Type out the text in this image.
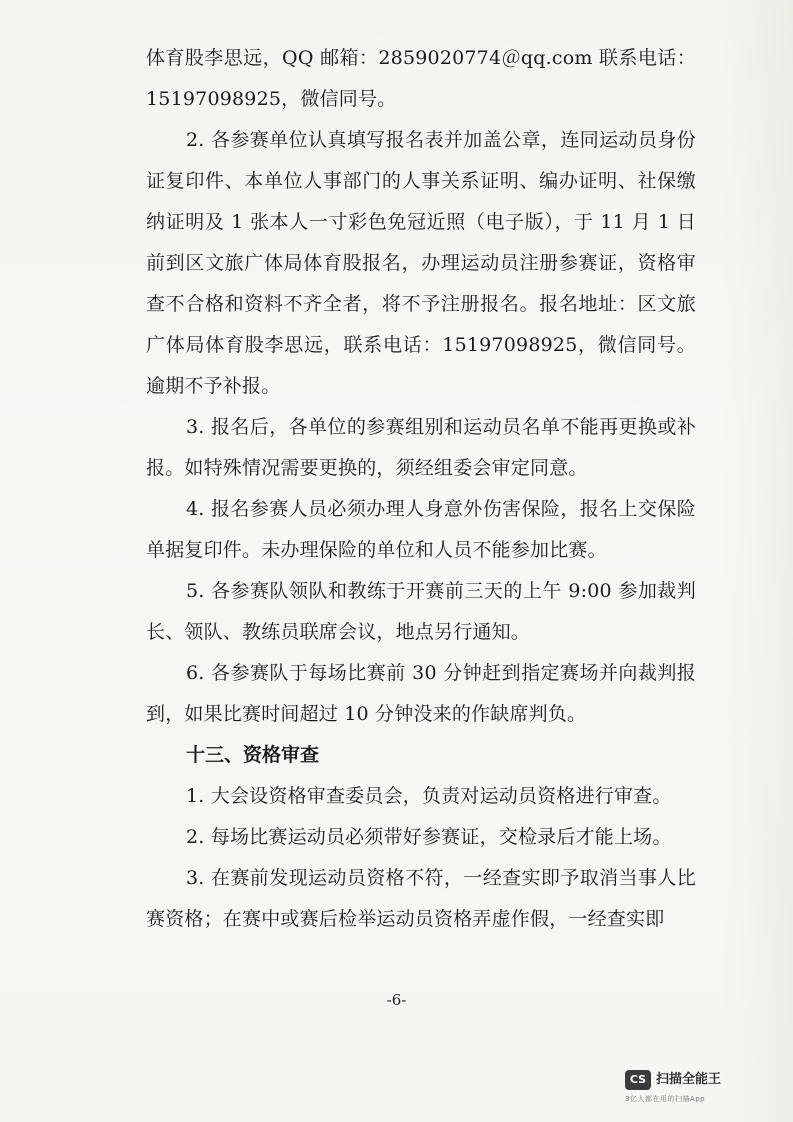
体育股李思远，QQ 邮箱：2859020774＠qq.com 联系电话：15197098925，微信同号。

2. 各参赛单位认真填写报名表并加盖公章，连同运动员身份证复印件、本单位人事部门的人事关系证明、编办证明、社保缴纳证明及 1 张本人一寸彩色免冠近照（电子版），于 11 月 1 日前到区文旅广体局体育股报名，办理运动员注册参赛证，资格审查不合格和资料不齐全者，将不予注册报名。报名地址：区文旅广体局体育股李思远，联系电话：15197098925，微信同号。逾期不予补报。

3. 报名后，各单位的参赛组别和运动员名单不能再更换或补报。如特殊情况需要更换的，须经组委会审定同意。

4. 报名参赛人员必须办理人身意外伤害保险，报名上交保险单据复印件。未办理保险的单位和人员不能参加比赛。

5. 各参赛队领队和教练于开赛前三天的上午 9:00 参加裁判长、领队、教练员联席会议，地点另行通知。

6. 各参赛队于每场比赛前 30 分钟赶到指定赛场并向裁判报到，如果比赛时间超过 10 分钟没来的作缺席判负。

十三、资格审查

1. 大会设资格审查委员会，负责对运动员资格进行审查。

2. 每场比赛运动员必须带好参赛证，交检录后才能上场。

3. 在赛前发现运动员资格不符，一经查实即予取消当事人比赛资格；在赛中或赛后检举运动员资格弄虚作假，一经查实即

-6-
CS 扫描全能王
3亿人都在用的扫描App
